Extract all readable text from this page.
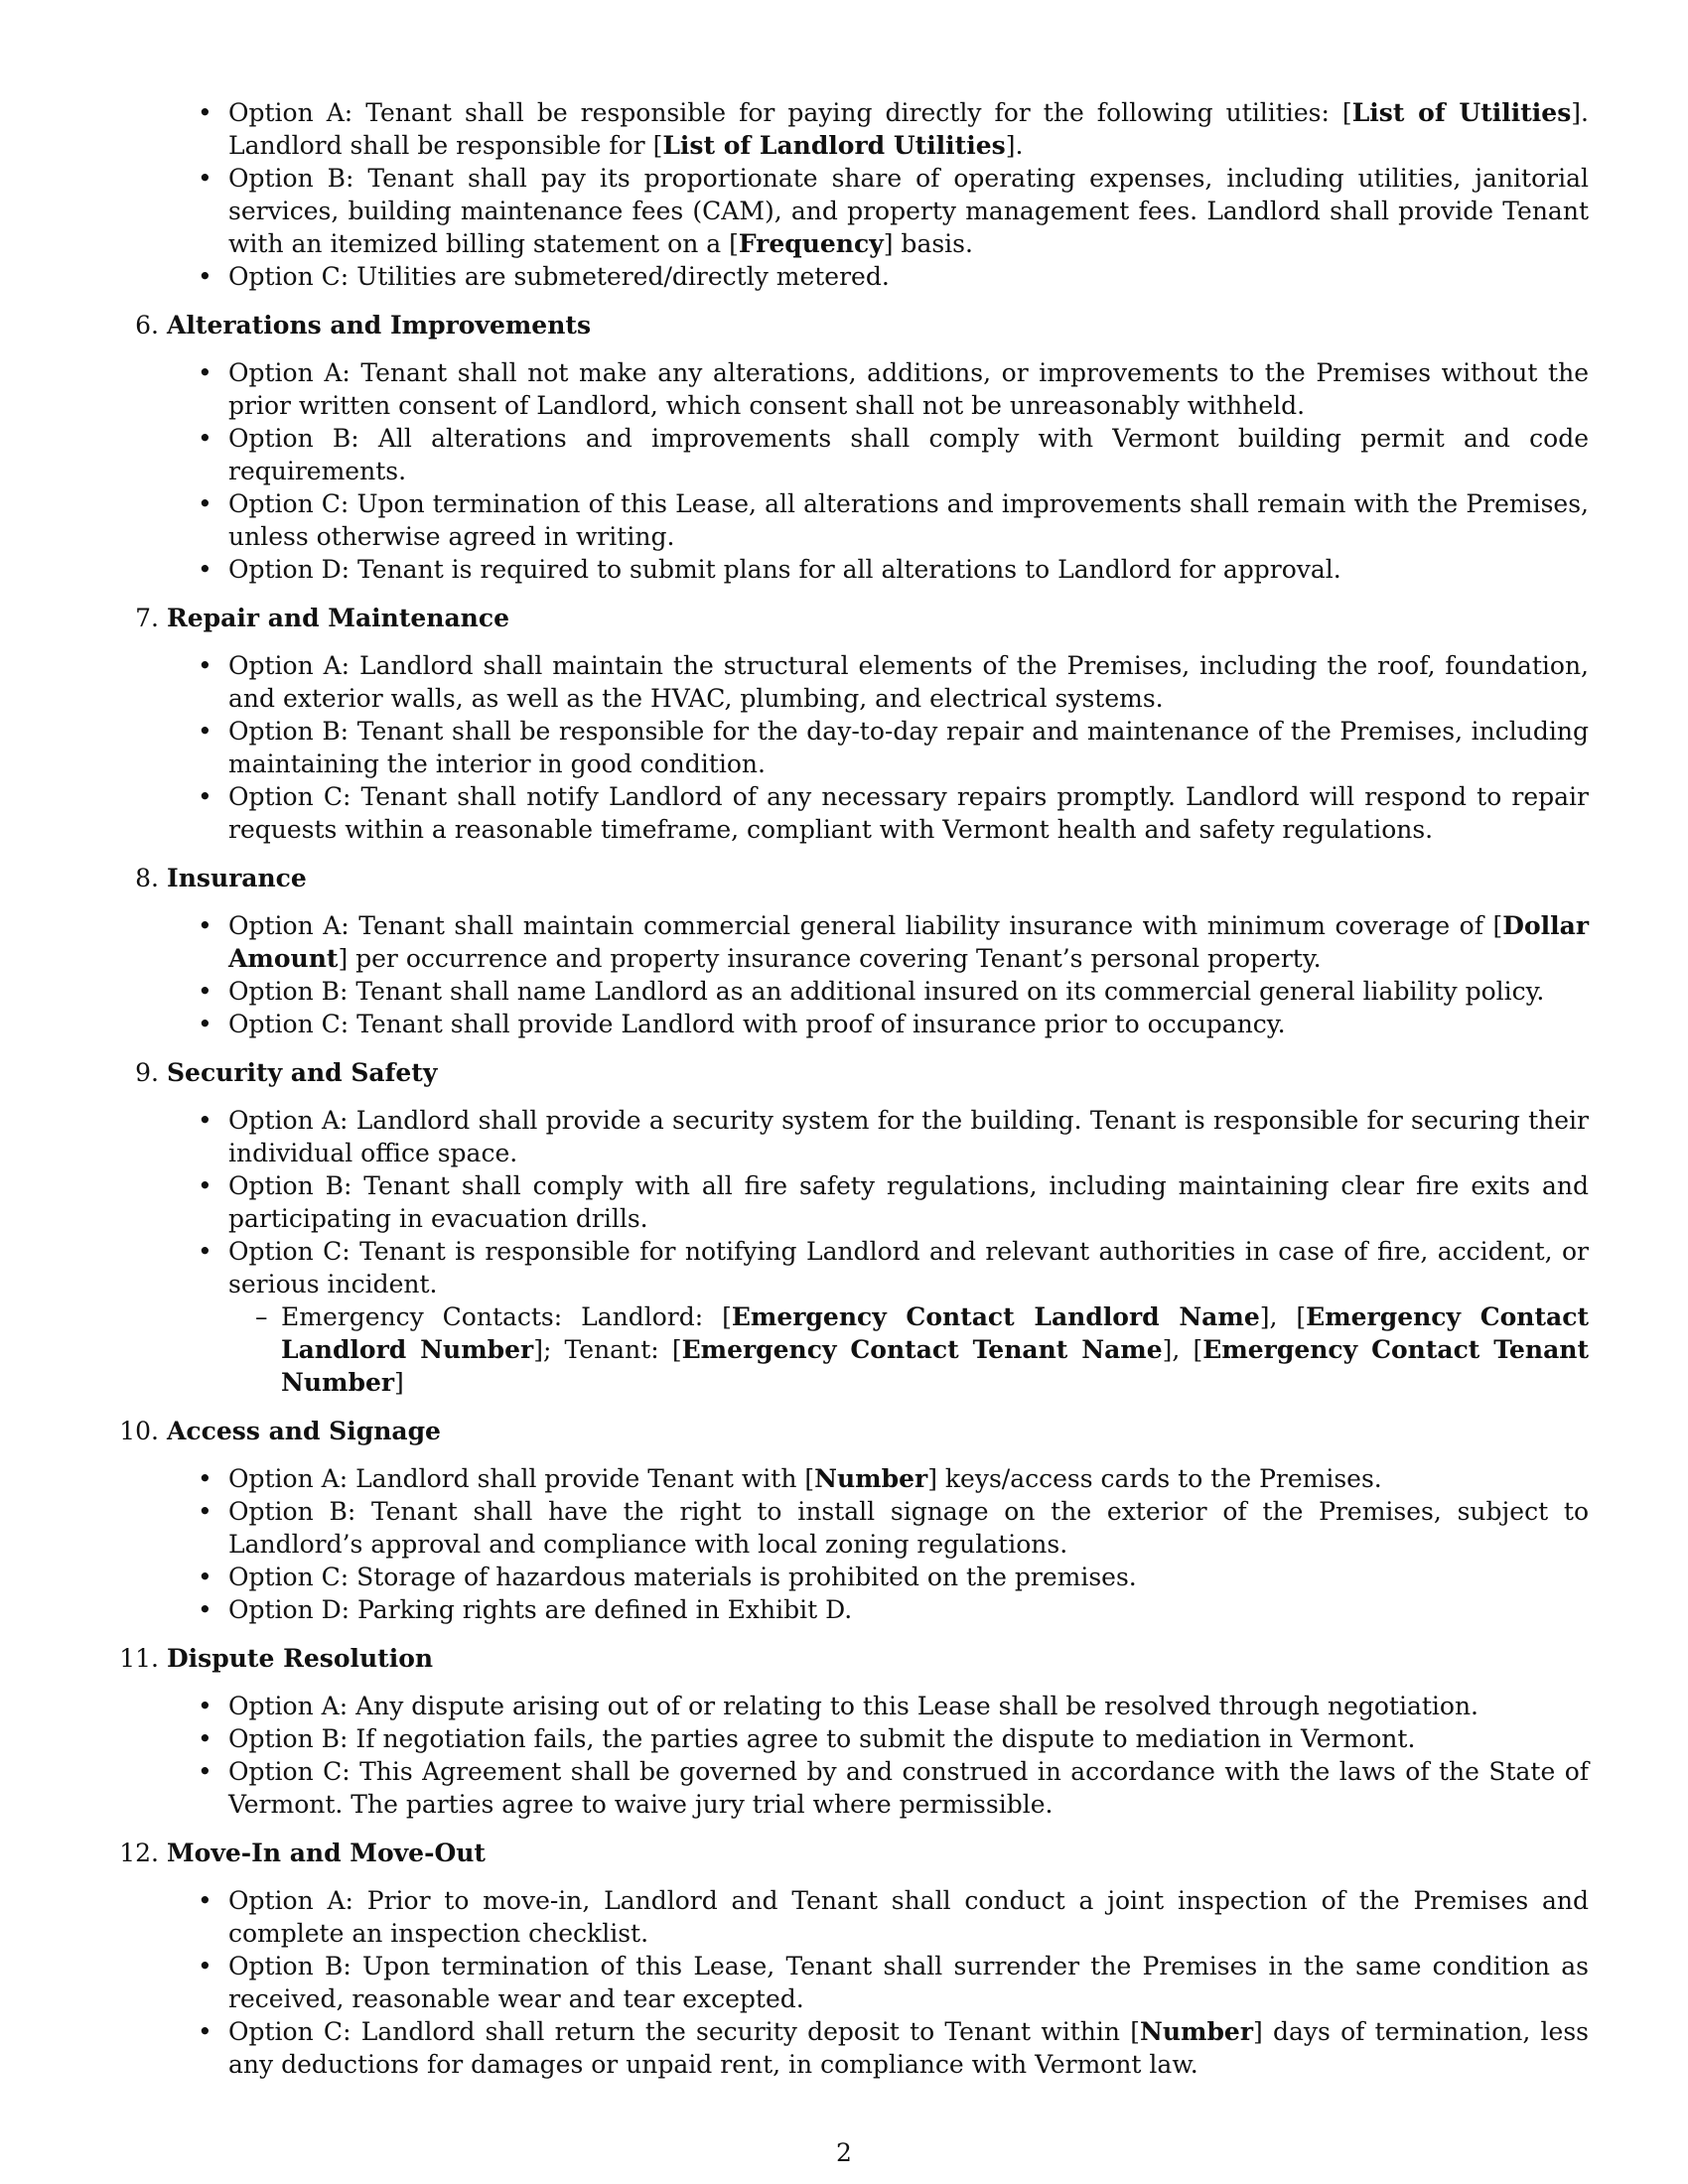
• Option A: Tenant shall be responsible for paying directly for the following utilities: [List of Utilities]. Landlord shall be responsible for [List of Landlord Utilities].
• Option B: Tenant shall pay its proportionate share of operating expenses, including utilities, janitorial services, building maintenance fees (CAM), and property management fees. Landlord shall provide Tenant with an itemized billing statement on a [Frequency] basis.
• Option C: Utilities are submetered/directly metered.
6. Alterations and Improvements
• Option A: Tenant shall not make any alterations, additions, or improvements to the Premises without the prior written consent of Landlord, which consent shall not be unreasonably withheld.
• Option B: All alterations and improvements shall comply with Vermont building permit and code requirements.
• Option C: Upon termination of this Lease, all alterations and improvements shall remain with the Premises, unless otherwise agreed in writing.
• Option D: Tenant is required to submit plans for all alterations to Landlord for approval.
7. Repair and Maintenance
• Option A: Landlord shall maintain the structural elements of the Premises, including the roof, foundation, and exterior walls, as well as the HVAC, plumbing, and electrical systems.
• Option B: Tenant shall be responsible for the day-to-day repair and maintenance of the Premises, including maintaining the interior in good condition.
• Option C: Tenant shall notify Landlord of any necessary repairs promptly. Landlord will respond to repair requests within a reasonable timeframe, compliant with Vermont health and safety regulations.
8. Insurance
• Option A: Tenant shall maintain commercial general liability insurance with minimum coverage of [Dollar Amount] per occurrence and property insurance covering Tenant’s personal property.
• Option B: Tenant shall name Landlord as an additional insured on its commercial general liability policy.
• Option C: Tenant shall provide Landlord with proof of insurance prior to occupancy.
9. Security and Safety
• Option A: Landlord shall provide a security system for the building. Tenant is responsible for securing their individual office space.
• Option B: Tenant shall comply with all fire safety regulations, including maintaining clear fire exits and participating in evacuation drills.
• Option C: Tenant is responsible for notifying Landlord and relevant authorities in case of fire, accident, or serious incident.
– Emergency Contacts: Landlord: [Emergency Contact Landlord Name], [Emergency Contact Landlord Number]; Tenant: [Emergency Contact Tenant Name], [Emergency Contact Tenant Number]
10. Access and Signage
• Option A: Landlord shall provide Tenant with [Number] keys/access cards to the Premises.
• Option B: Tenant shall have the right to install signage on the exterior of the Premises, subject to Landlord’s approval and compliance with local zoning regulations.
• Option C: Storage of hazardous materials is prohibited on the premises.
• Option D: Parking rights are defined in Exhibit D.
11. Dispute Resolution
• Option A: Any dispute arising out of or relating to this Lease shall be resolved through negotiation.
• Option B: If negotiation fails, the parties agree to submit the dispute to mediation in Vermont.
• Option C: This Agreement shall be governed by and construed in accordance with the laws of the State of Vermont. The parties agree to waive jury trial where permissible.
12. Move-In and Move-Out
• Option A: Prior to move-in, Landlord and Tenant shall conduct a joint inspection of the Premises and complete an inspection checklist.
• Option B: Upon termination of this Lease, Tenant shall surrender the Premises in the same condition as received, reasonable wear and tear excepted.
• Option C: Landlord shall return the security deposit to Tenant within [Number] days of termination, less any deductions for damages or unpaid rent, in compliance with Vermont law.
2
